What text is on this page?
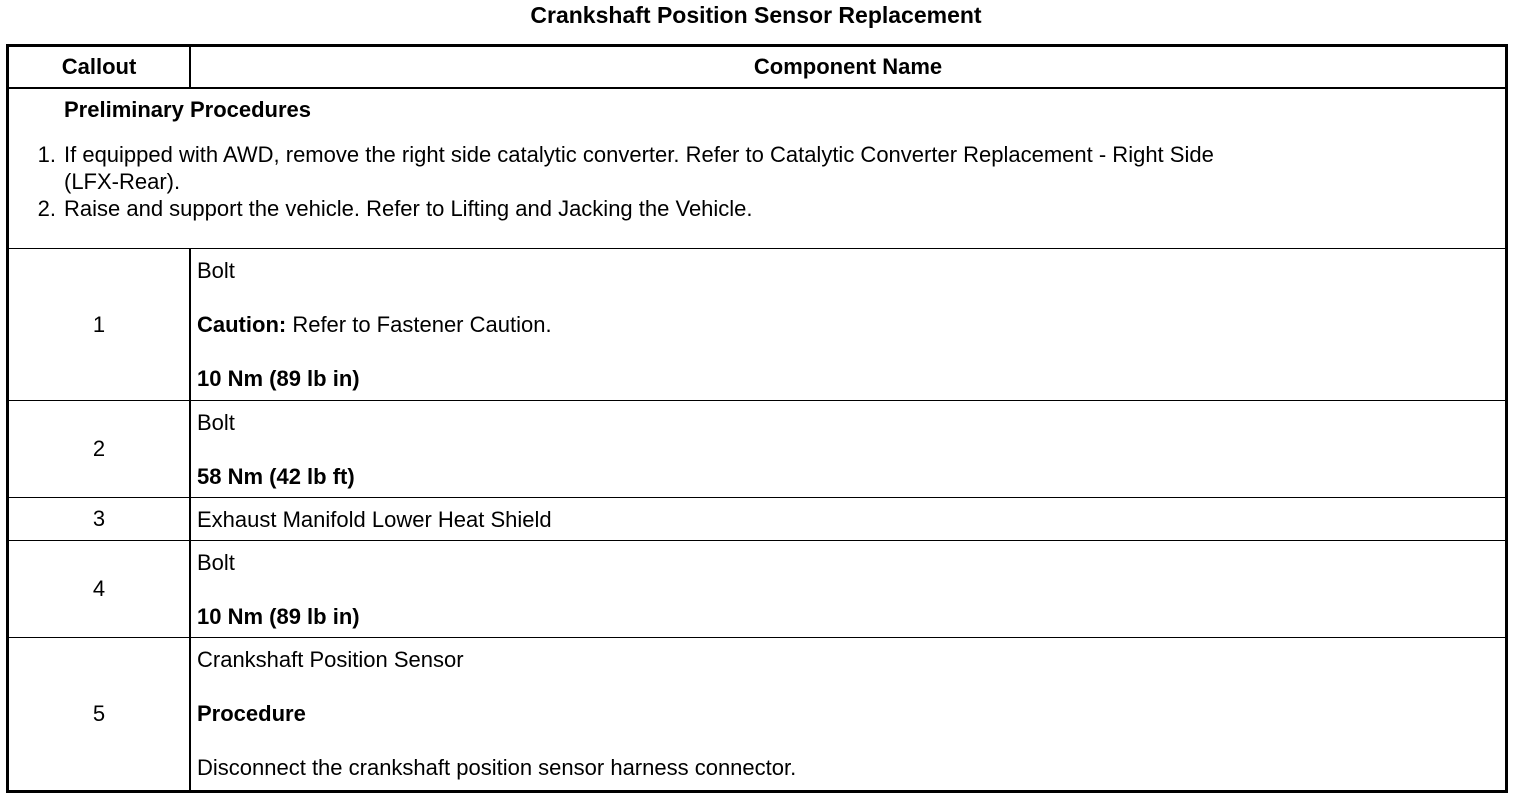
Crankshaft Position Sensor Replacement
Callout	Component Name
Preliminary Procedures
1. If equipped with AWD, remove the right side catalytic converter. Refer to Catalytic Converter Replacement - Right Side
(LFX-Rear).
2. Raise and support the vehicle. Refer to Lifting and Jacking the Vehicle.
1
Bolt
Caution: Refer to Fastener Caution.
10 Nm (89 lb in)
2
Bolt
58 Nm (42 lb ft)
3	Exhaust Manifold Lower Heat Shield
4
Bolt
10 Nm (89 lb in)
5
Crankshaft Position Sensor
Procedure
Disconnect the crankshaft position sensor harness connector.
